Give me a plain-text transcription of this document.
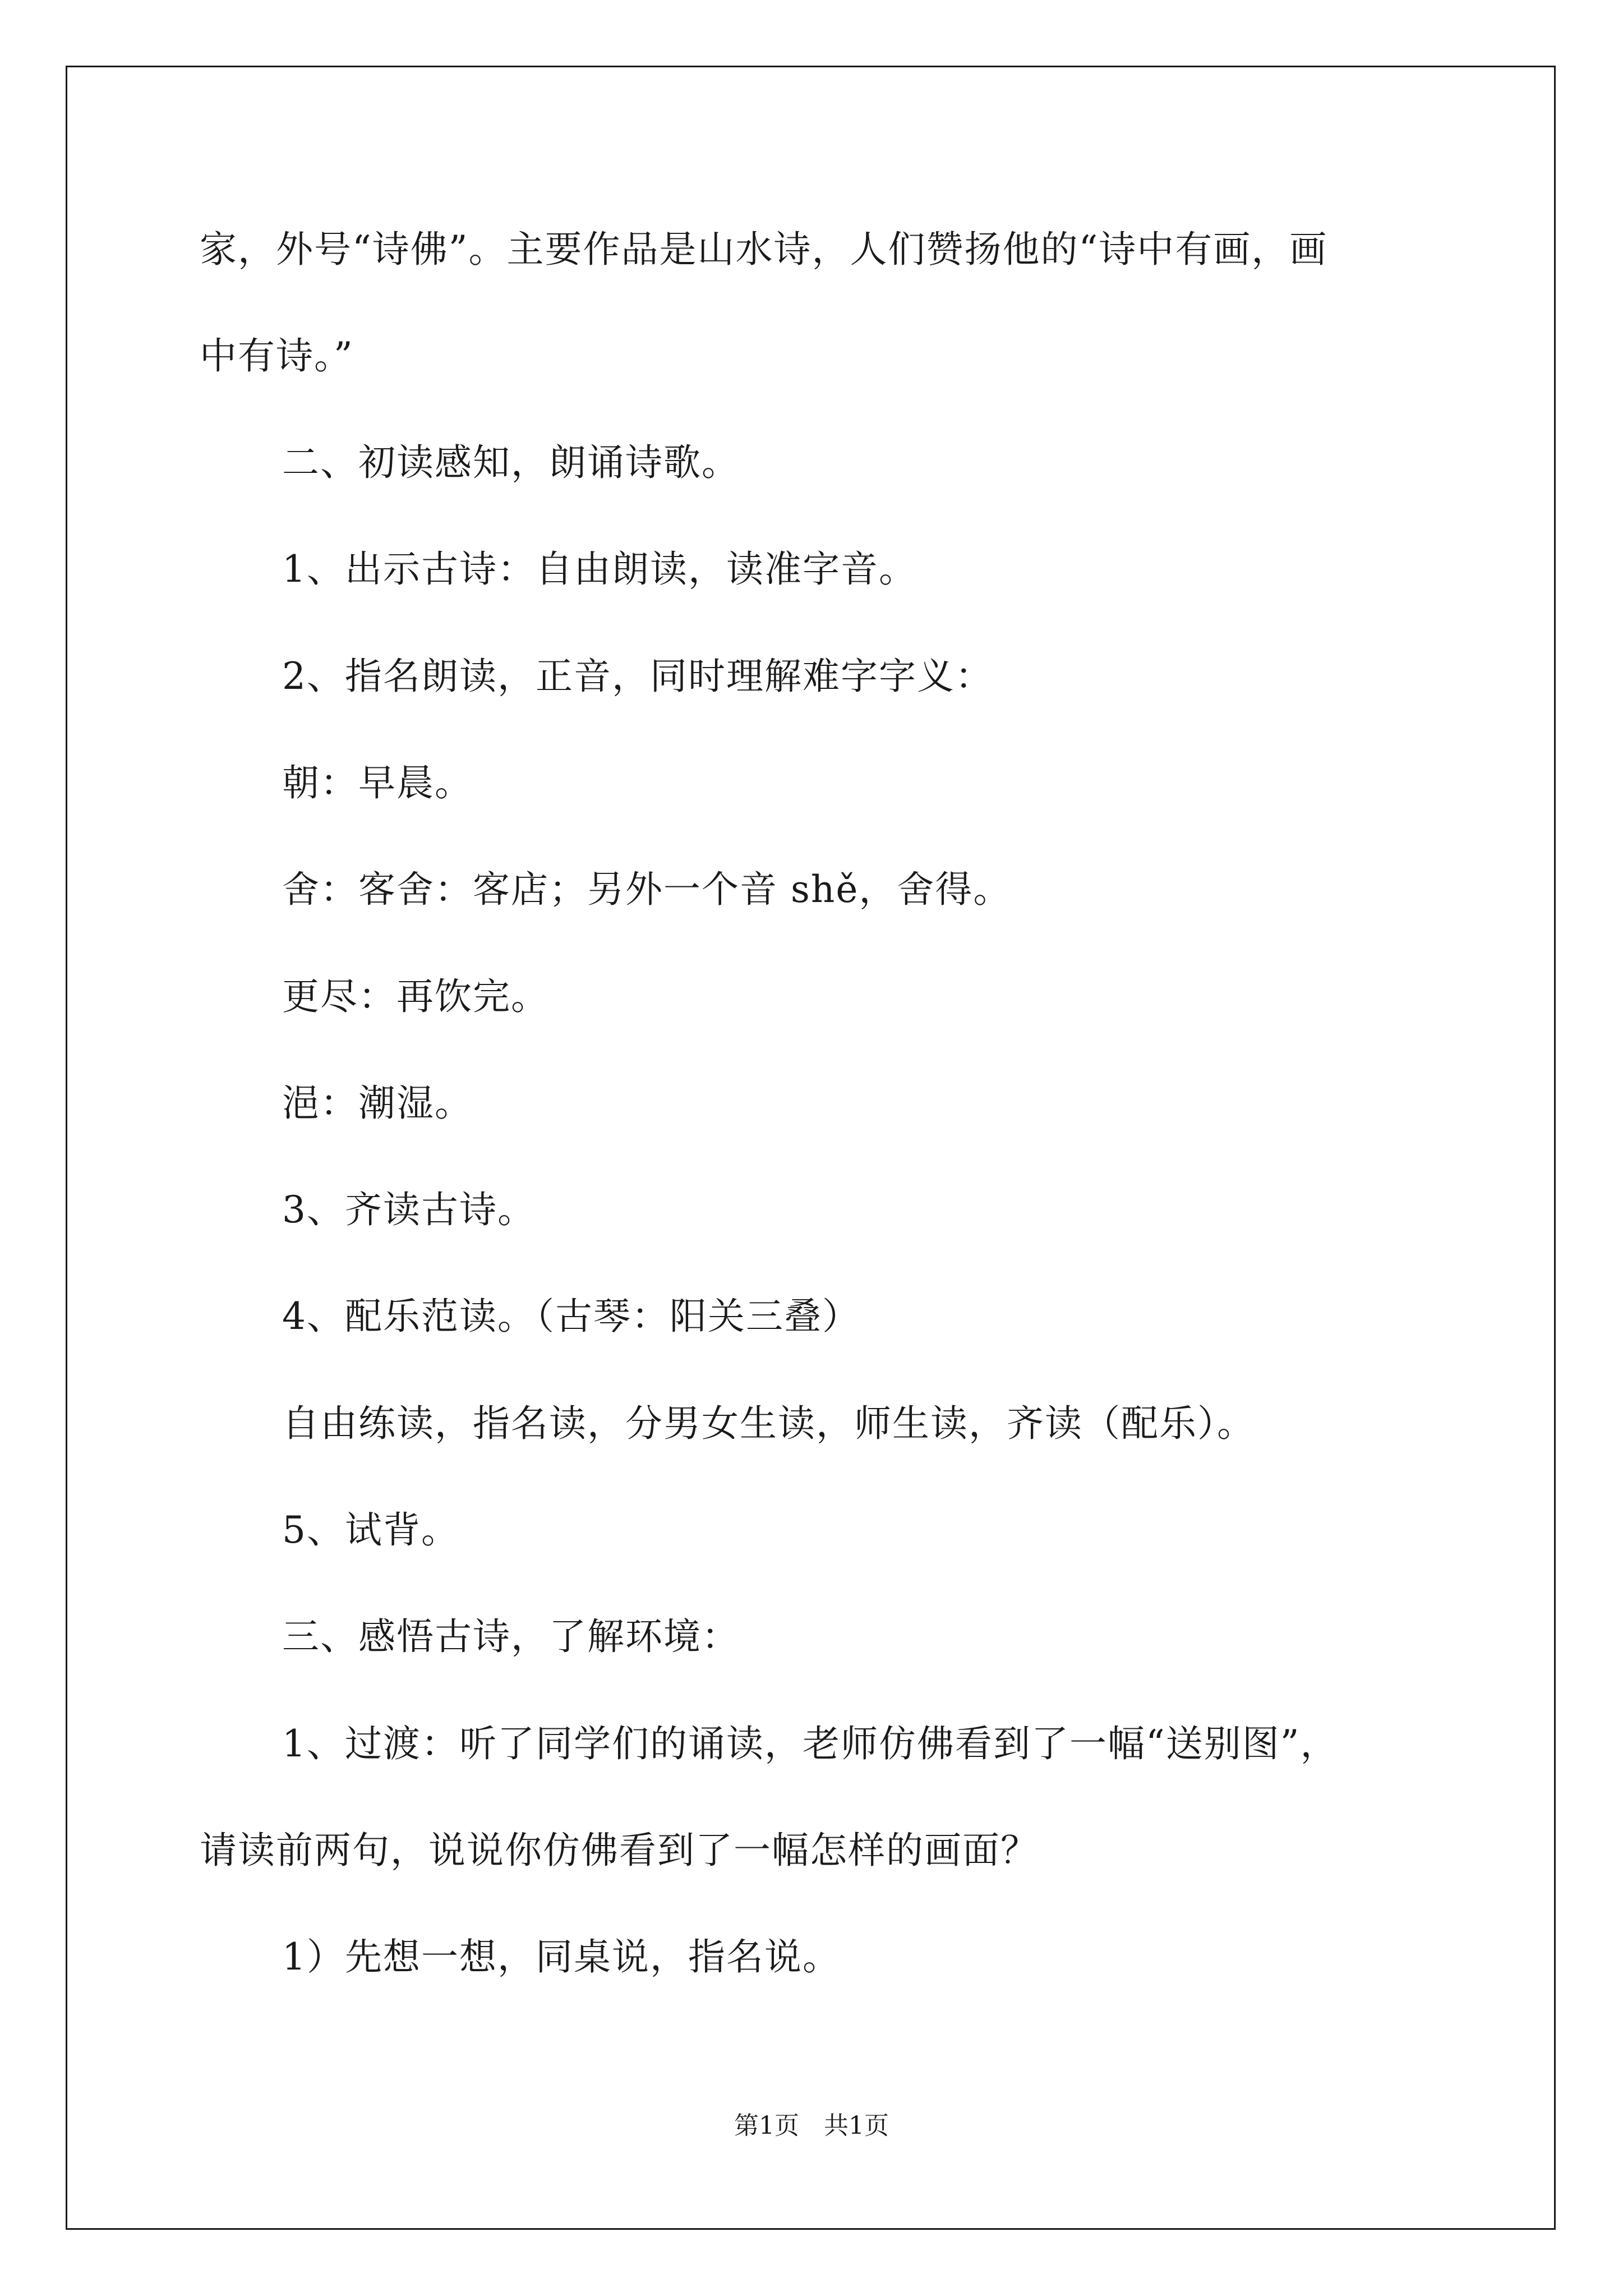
家，外号“诗佛”。主要作品是山水诗，人们赞扬他的“诗中有画，画
中有诗。”
二、初读感知，朗诵诗歌。
1、出示古诗：自由朗读，读准字音。
2、指名朗读，正音，同时理解难字字义：
朝：早晨。
舍：客舍：客店；另外一个音 shě，舍得。
更尽：再饮完。
浥：潮湿。
3、齐读古诗。
4、配乐范读。（古琴：阳关三叠）
自由练读，指名读，分男女生读，师生读，齐读（配乐）。
5、试背。
三、感悟古诗，了解环境：
1、过渡：听了同学们的诵读，老师仿佛看到了一幅“送别图”，
请读前两句，说说你仿佛看到了一幅怎样的画面？
1）先想一想，同桌说，指名说。
第1页　共1页
